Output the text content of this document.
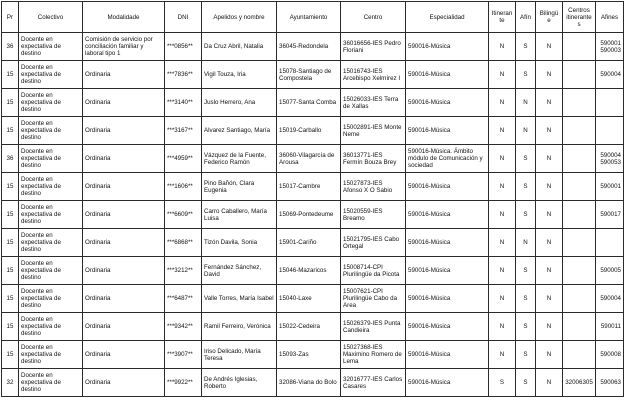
Pr	Colectivo	Modalidade	DNI	Apelidos y nombre	Ayuntamiento	Centro	Especialidad	Itinerante	Afín	Bilingüe	Centros itinerantes	Afines
36	Docente en expectativa de destino	Comisión de servicio por conciliación familiar y laboral tipo 1	***0856**	Da Cruz Abril, Natalia	36045-Redondela	36016656-IES Pedro Floriani	590016-Música	N	S	N		590001
590003
15	Docente en expectativa de destino	Ordinaria	***7836**	Vigil Touza, Iria	15078-Santiago de Compostela	15016743-IES Arcebispo Xelmírez I	590016-Música	N	S	N		590004
15	Docente en expectativa de destino	Ordinaria	***3140**	Juslo Herrero, Ana	15077-Santa Comba	15026033-IES Terra de Xallas	590016-Música	N	N	N		
15	Docente en expectativa de destino	Ordinaria	***3167**	Alvarez Santiago, María	15019-Carballo	15002891-IES Monte Neme	590016-Música	N	N	N		
36	Docente en expectativa de destino	Ordinaria	***4959**	Vázquez de la Fuente, Federico Ramón	36060-Vilagarcía de Arousa	36013771-IES Fermín Bouza Brey	590016-Música. Ámbito módulo de Comunicación y sociedad	N	S	N		590004
590053
15	Docente en expectativa de destino	Ordinaria	***1606**	Pino Bañón, Clara Eugenia	15017-Cambre	15027873-IES Afonso X O Sabio	590016-Música	N	S	N		590001
15	Docente en expectativa de destino	Ordinaria	***6609**	Carro Caballero, María Luisa	15069-Pontedeume	15020559-IES Breamo	590016-Música	N	S	N		590017
15	Docente en expectativa de destino	Ordinaria	***6868**	Tizón Davila, Sonia	15901-Cariño	15021795-IES Cabo Ortegal	590016-Música	N	N	N		
15	Docente en expectativa de destino	Ordinaria	***3212**	Fernández Sánchez, David	15046-Mazaricos	15008714-CPI Plurilingüe da Picota	590016-Música	N	S	N		590005
15	Docente en expectativa de destino	Ordinaria	***6487**	Valle Torres, María Isabel	15040-Laxe	15007621-CPI Plurilingüe Cabo da Area	590016-Música	N	S	N		590004
15	Docente en expectativa de destino	Ordinaria	***9342**	Ramil Ferreiro, Verónica	15022-Cedeira	15026379-IES Punta Candieira	590016-Música	N	S	N		590011
15	Docente en expectativa de destino	Ordinaria	***3907**	Iriso Delicado, María Teresa	15093-Zas	15027368-IES Maximino Romero de Lema	590016-Música	N	S	N		590008
32	Docente en expectativa de destino	Ordinaria	***9922**	De Andrés Iglesias, Roberto	32086-Viana do Bolo	32016777-IES Carlos Casares	590016-Música	S	S	N	32006305	590063
